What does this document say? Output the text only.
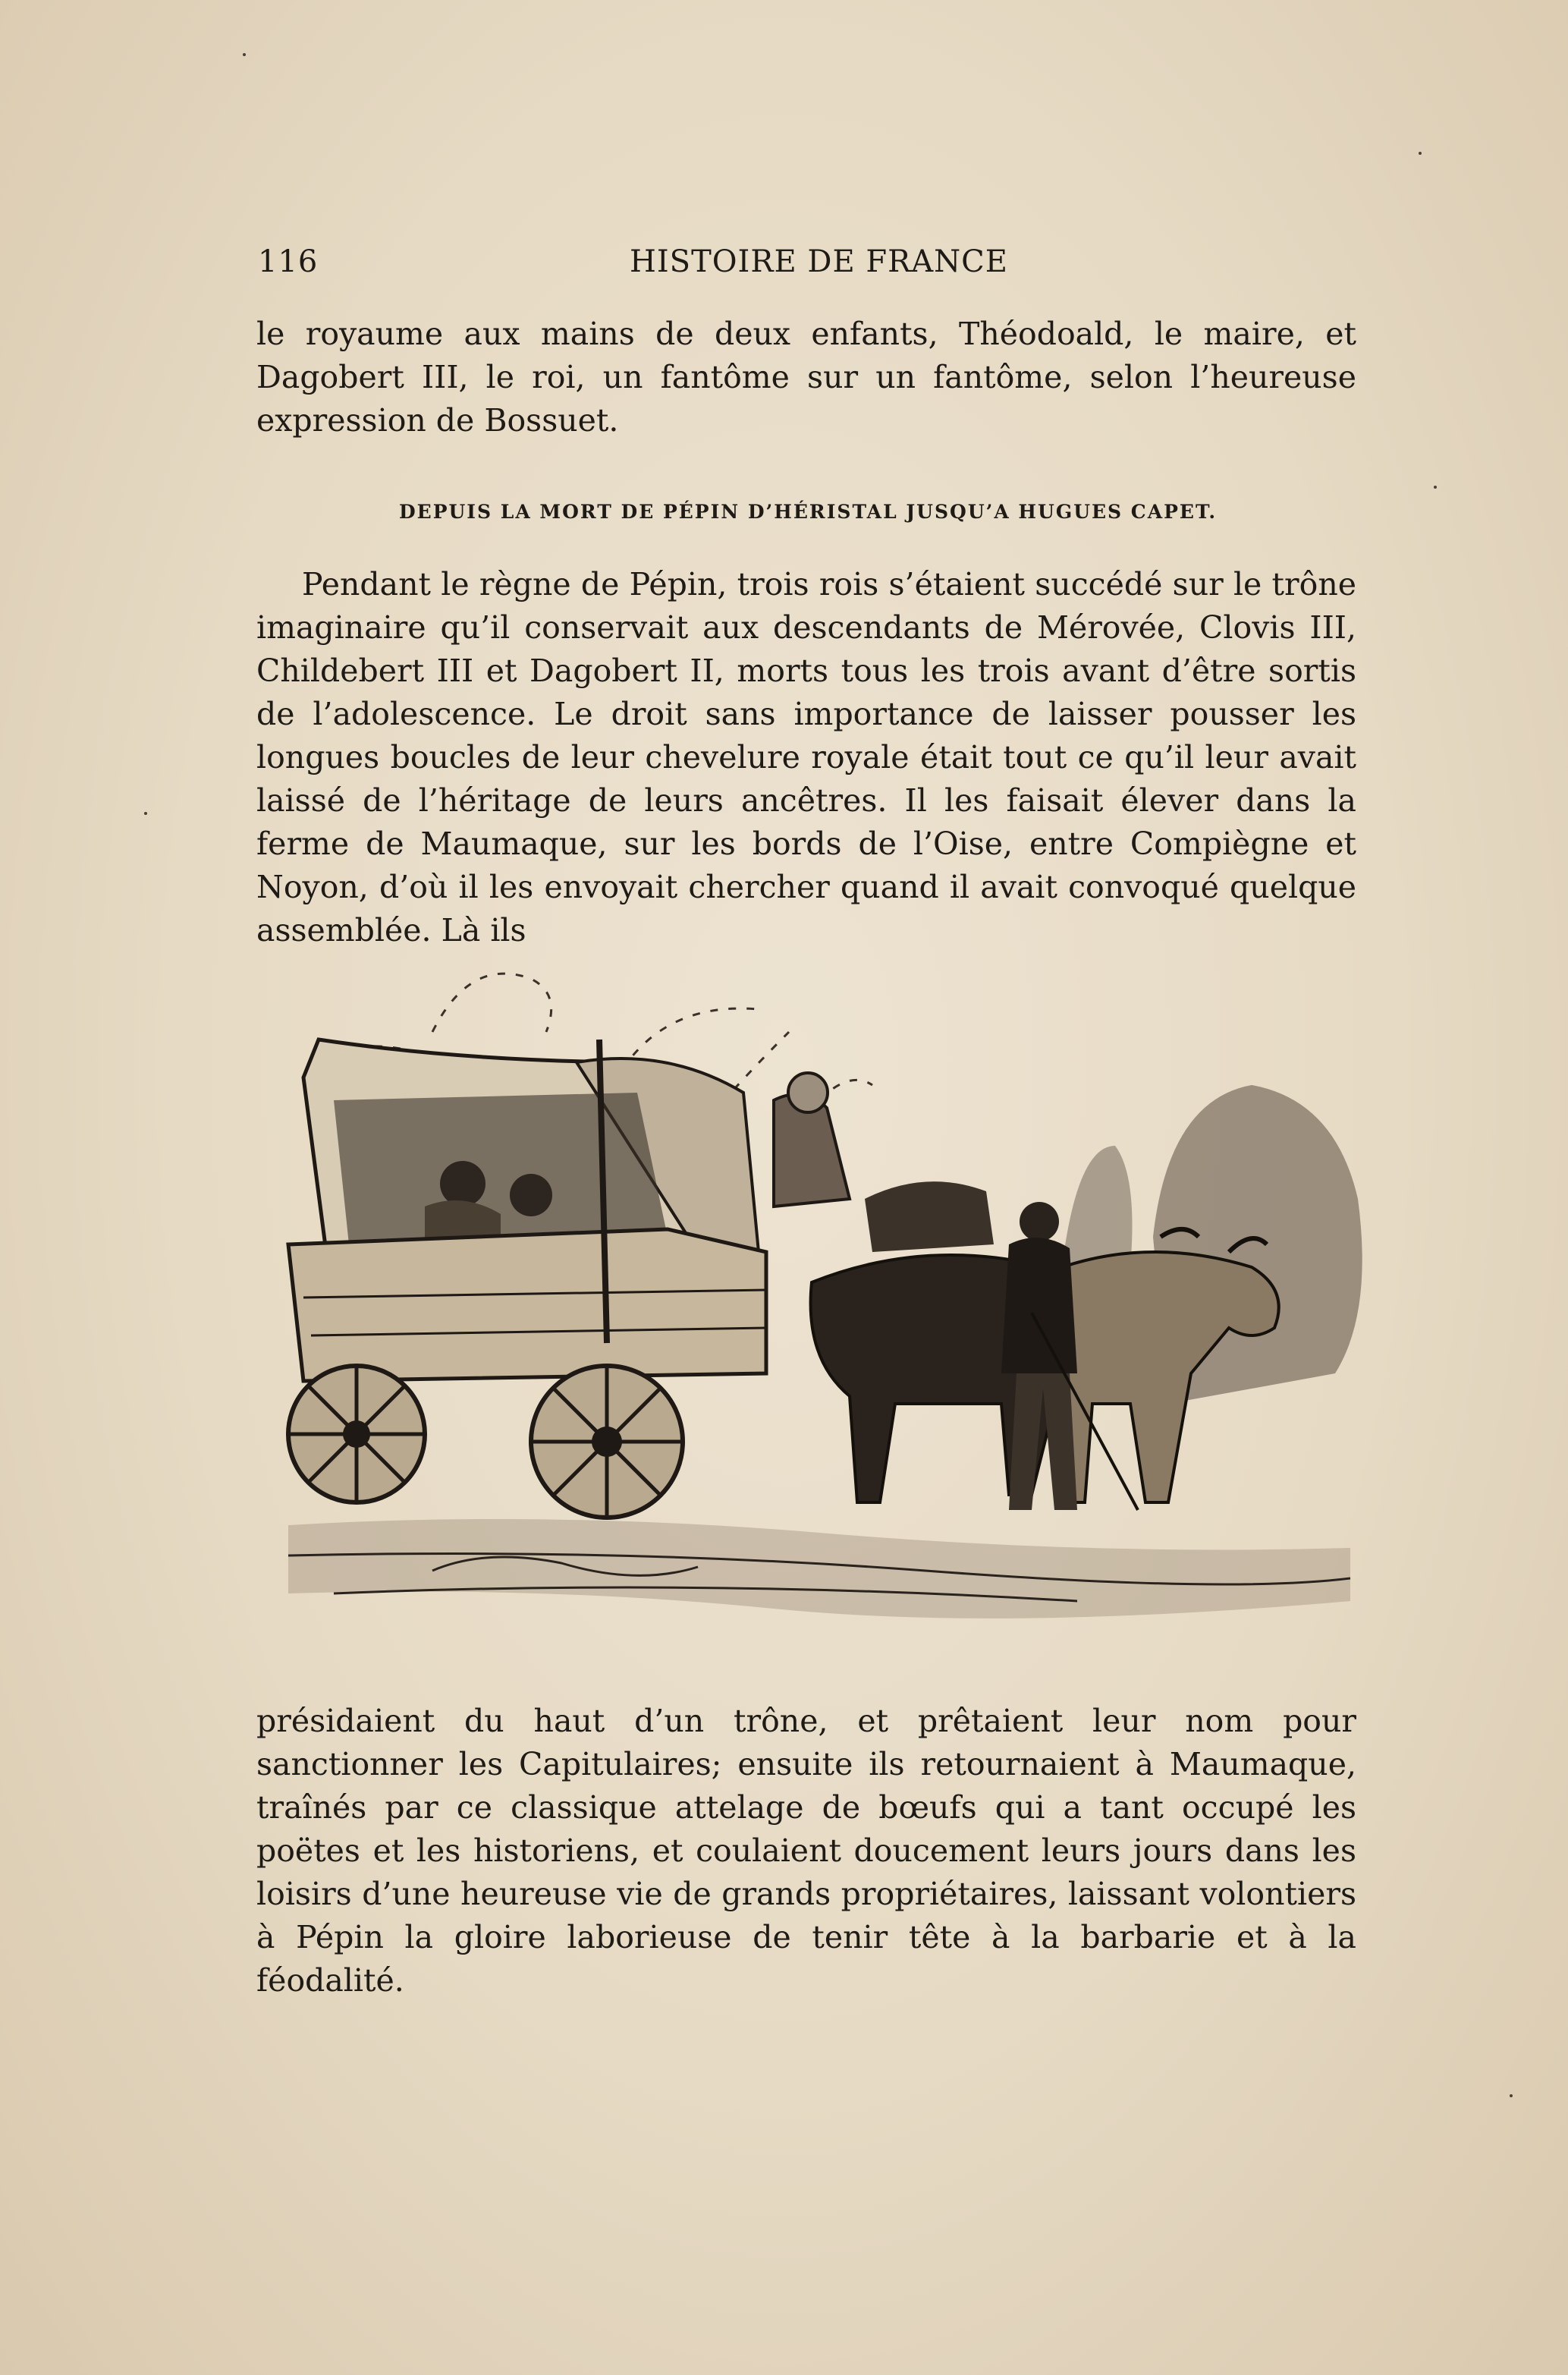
116	HISTOIRE DE FRANCE

le royaume aux mains de deux enfants, Théodoald, le maire, et Dagobert III, le roi, un fantôme sur un fantôme, selon l’heureuse expression de Bossuet.

DEPUIS LA MORT DE PÉPIN D’HÉRISTAL JUSQU’A HUGUES CAPET.

Pendant le règne de Pépin, trois rois s’étaient succédé sur le trône imaginaire qu’il conservait aux descendants de Mérovée, Clovis III, Childebert III et Dagobert II, morts tous les trois avant d’être sortis de l’adolescence. Le droit sans importance de laisser pousser les longues boucles de leur chevelure royale était tout ce qu’il leur avait laissé de l’héritage de leurs ancêtres. Il les faisait élever dans la ferme de Maumaque, sur les bords de l’Oise, entre Compiègne et Noyon, d’où il les envoyait chercher quand il avait convoqué quelque assemblée. Là ils

présidaient du haut d’un trône, et prêtaient leur nom pour sanctionner les Capitulaires; ensuite ils retournaient à Maumaque, traînés par ce classique attelage de bœufs qui a tant occupé les poëtes et les historiens, et coulaient doucement leurs jours dans les loisirs d’une heureuse vie de grands propriétaires, laissant volontiers à Pépin la gloire laborieuse de tenir tête à la barbarie et à la féodalité.
